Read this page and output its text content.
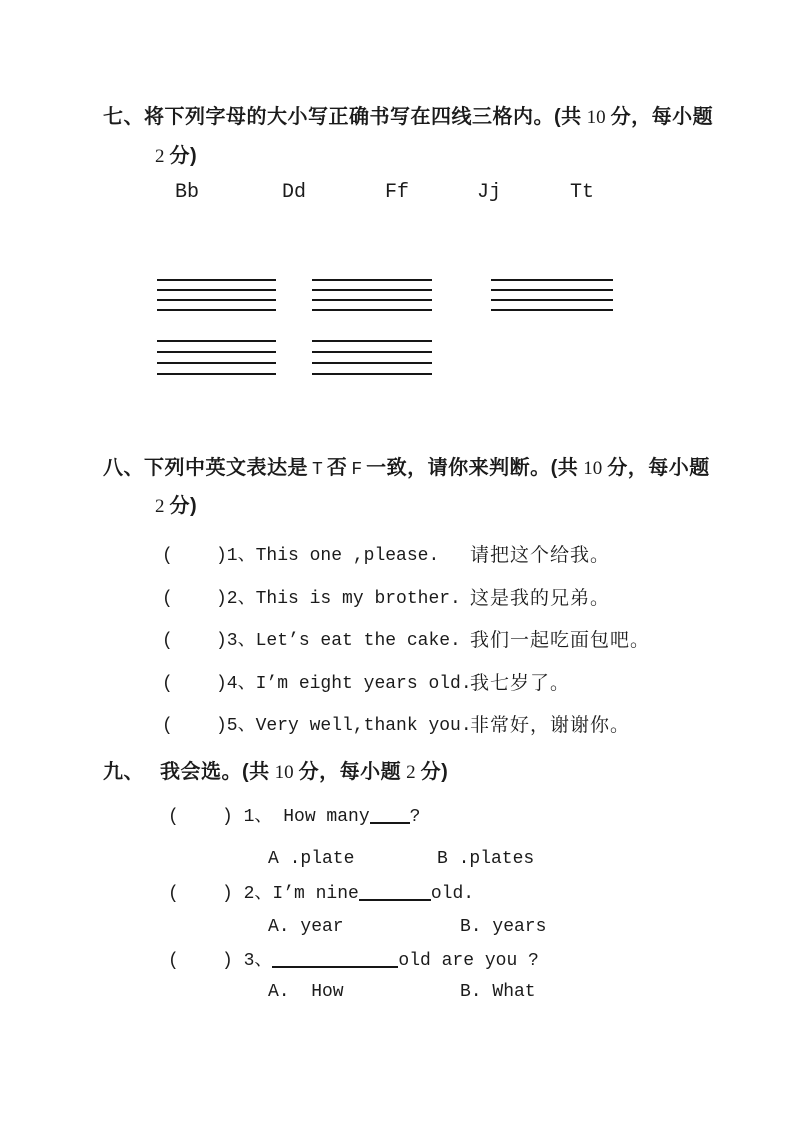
七、将下列字母的大小写正确书写在四线三格内。(共 10 分，每小题
2 分)
Bb	Dd	Ff	Jj	Tt
八、下列中英文表达是 T 否 F 一致，请你来判断。(共 10 分，每小题
2 分)
(    )1、This one ,please. 请把这个给我。
(    )2、This is my brother. 这是我的兄弟。
(    )3、Let’s eat the cake. 我们一起吃面包吧。
(    )4、I’m eight years old.
我七岁了。
(    )5、Very well,thank you.
非常好，谢谢你。
九、 我会选。(共 10 分，每小题 2 分)
(    ) 1、 How many ?
A .plate	B .plates
(    ) 2、I’m nine	old.
A. year	B. years
(    ) 3、	old are you ?
A.  How	B. What
